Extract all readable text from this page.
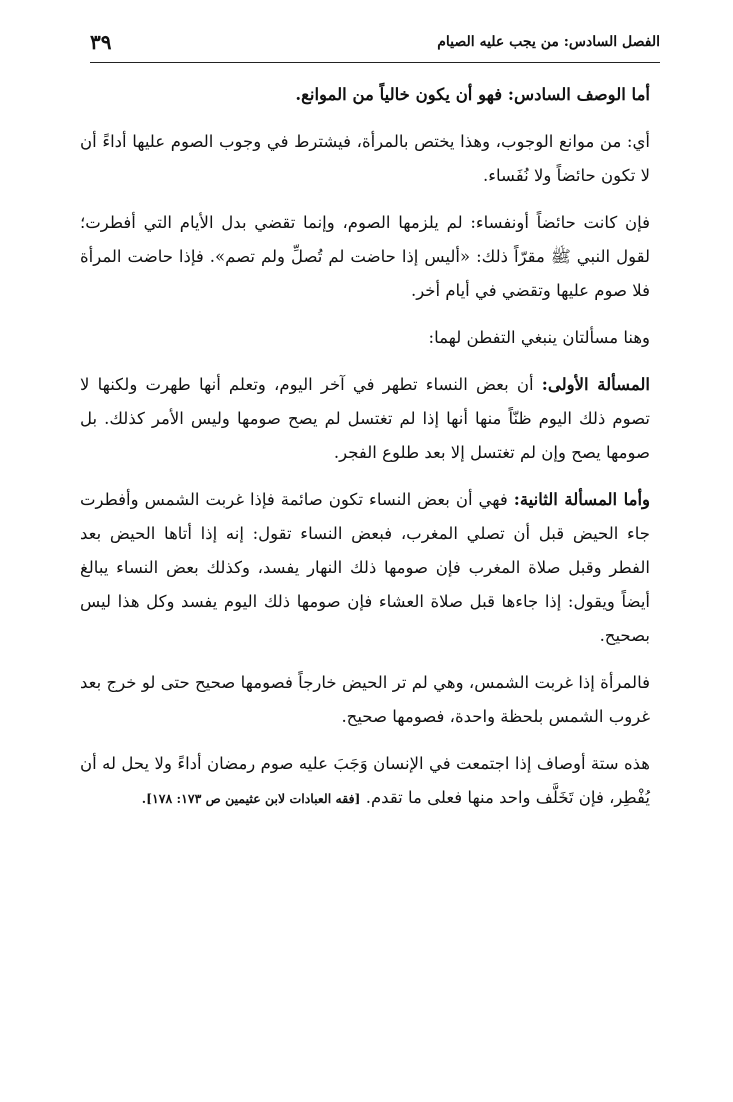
الفصل السادس: من يجب عليه الصيام
٣٩

أما الوصف السادس: فهو أن يكون خالياً من الموانع.

أي: من موانع الوجوب، وهذا يختص بالمرأة، فيشترط في وجوب الصوم عليها أداءً أن لا تكون حائضاً ولا نُفَساء.

فإن كانت حائضاً أونفساء: لم يلزمها الصوم، وإنما تقضي بدل الأيام التي أفطرت؛ لقول النبي ﷺ مقرّاً ذلك: «أليس إذا حاضت لم تُصلِّ ولم تصم». فإذا حاضت المرأة فلا صوم عليها وتقضي في أيام أخر.

وهنا مسألتان ينبغي التفطن لهما:

المسألة الأولى: أن بعض النساء تطهر في آخر اليوم، وتعلم أنها طهرت ولكنها لا تصوم ذلك اليوم ظنّاً منها أنها إذا لم تغتسل لم يصح صومها وليس الأمر كذلك. بل صومها يصح وإن لم تغتسل إلا بعد طلوع الفجر.

وأما المسألة الثانية: فهي أن بعض النساء تكون صائمة فإذا غربت الشمس وأفطرت جاء الحيض قبل أن تصلي المغرب، فبعض النساء تقول: إنه إذا أتاها الحيض بعد الفطر وقبل صلاة المغرب فإن صومها ذلك النهار يفسد، وكذلك بعض النساء يبالغ أيضاً ويقول: إذا جاءها قبل صلاة العشاء فإن صومها ذلك اليوم يفسد وكل هذا ليس بصحيح.

فالمرأة إذا غربت الشمس، وهي لم تر الحيض خارجاً فصومها صحيح حتى لو خرج بعد غروب الشمس بلحظة واحدة، فصومها صحيح.

هذه ستة أوصاف إذا اجتمعت في الإنسان وَجَبَ عليه صوم رمضان أداءً ولا يحل له أن يُفْطِر، فإن تَخَلَّف واحد منها فعلى ما تقدم. [فقه العبادات لابن عثيمين ص ١٧٣: ١٧٨].
